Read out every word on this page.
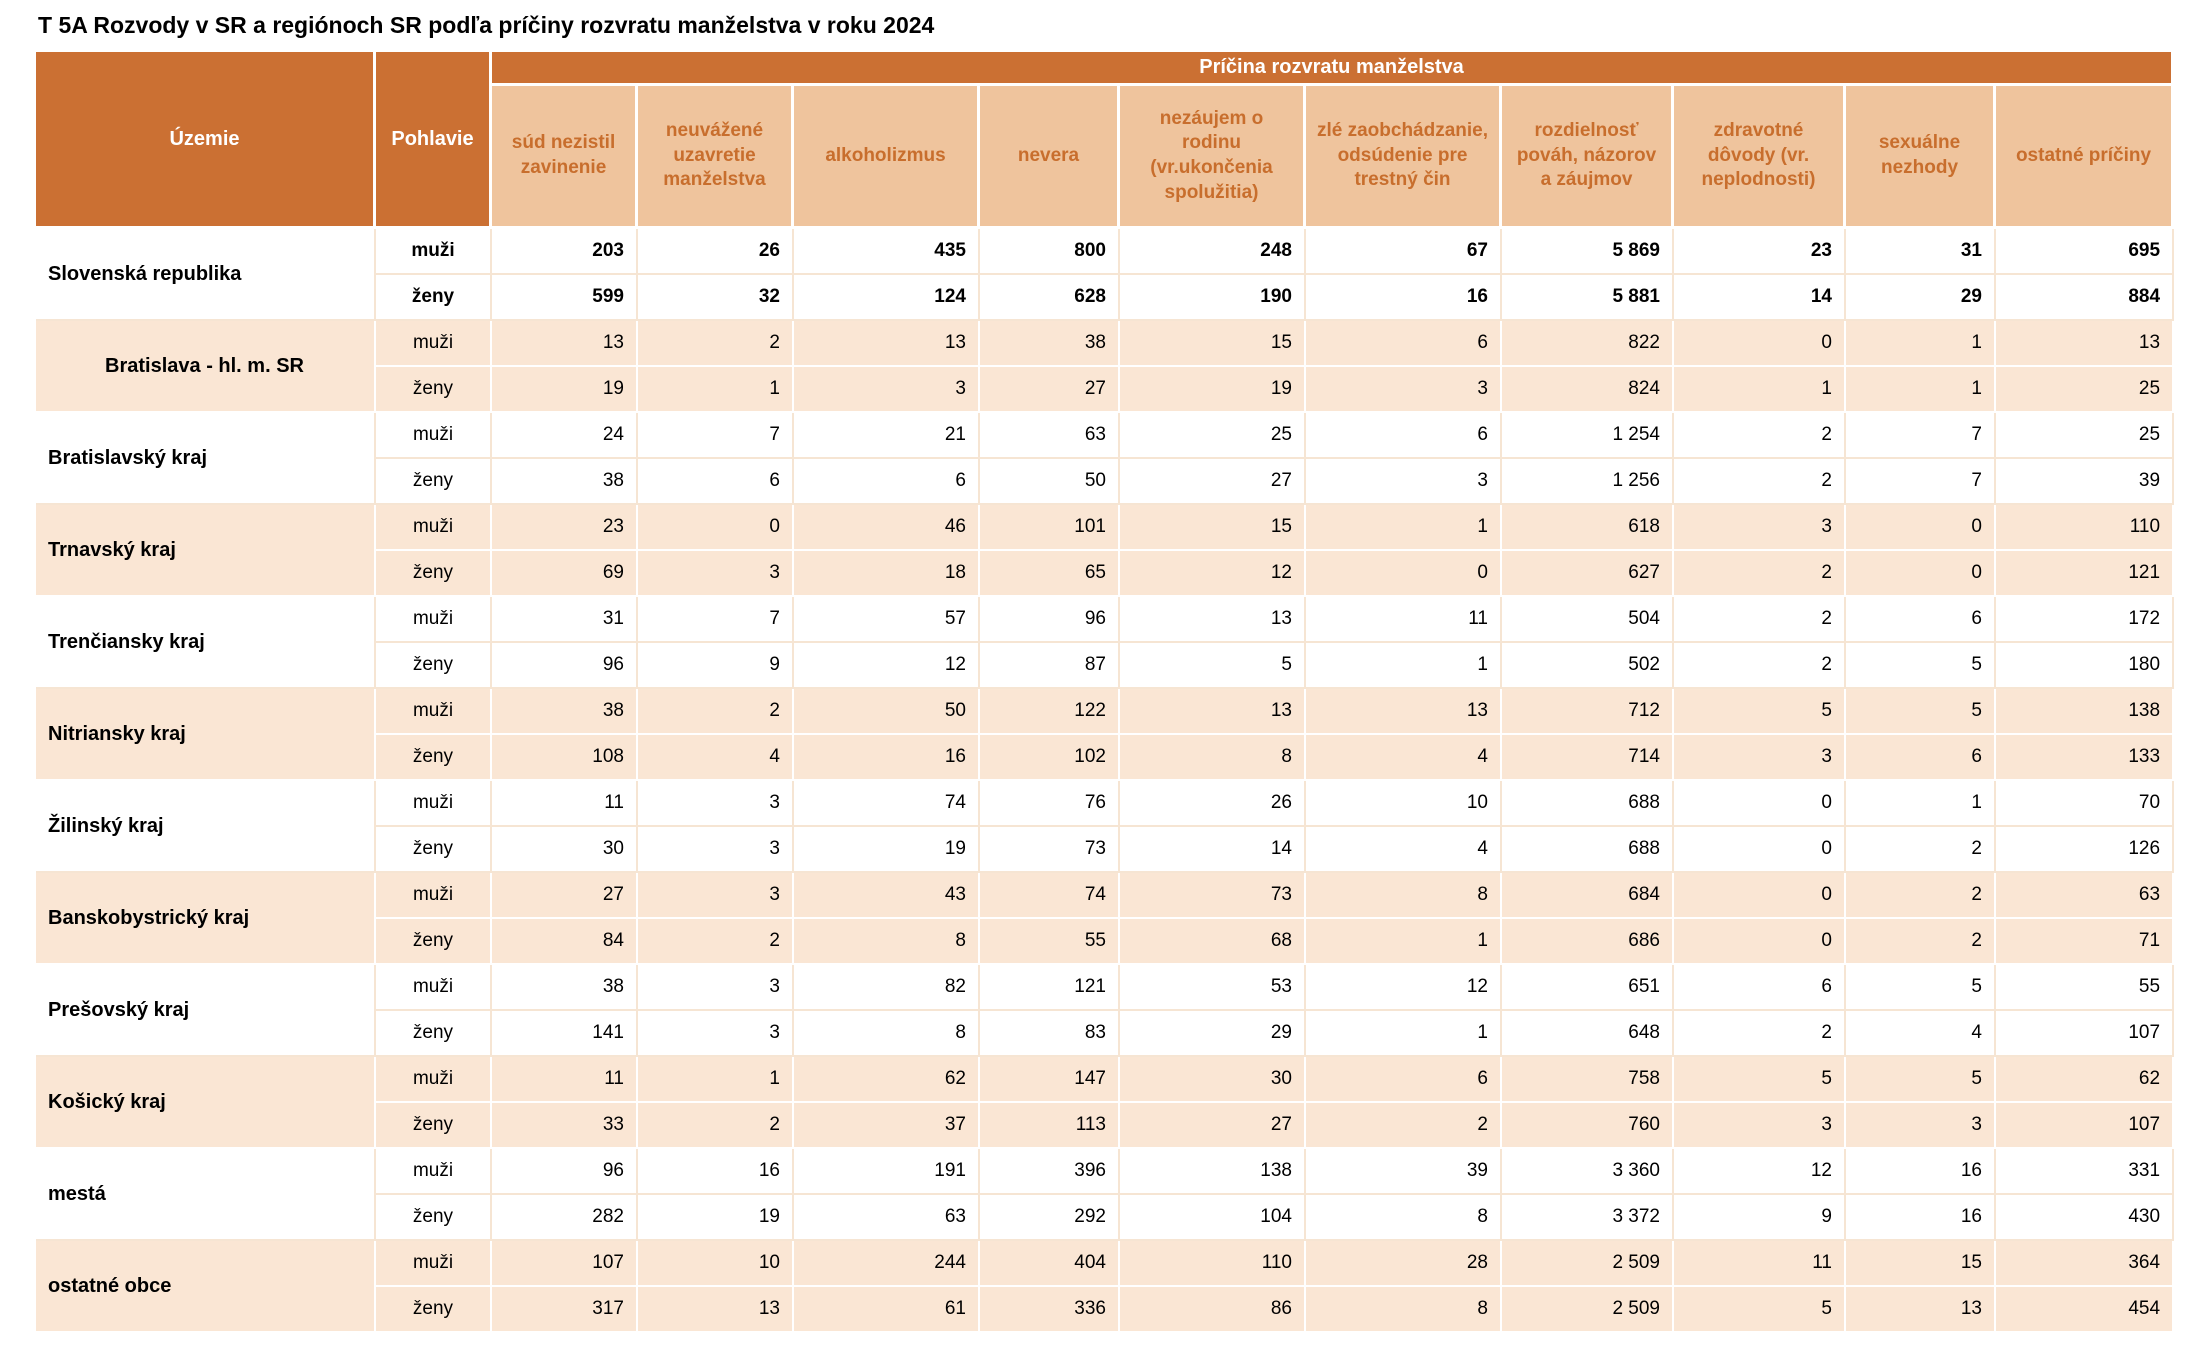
T 5A Rozvody v SR a regiónoch SR podľa príčiny rozvratu manželstva v roku 2024
Územie	Pohlavie	Príčina rozvratu manželstva									
		súd nezistil zavinenie	neuvážené uzavretie manželstva	alkoholizmus	nevera	nezáujem o rodinu (vr.ukončenia spolužitia)	zlé zaobchádzanie, odsúdenie pre trestný čin	rozdielnosť pováh, názorov a záujmov	zdravotné dôvody (vr. neplodnosti)	sexuálne nezhody	ostatné príčiny
Slovenská republika	muži	203	26	435	800	248	67	5 869	23	31	695
	ženy	599	32	124	628	190	16	5 881	14	29	884
Bratislava - hl. m. SR	muži	13	2	13	38	15	6	822	0	1	13
	ženy	19	1	3	27	19	3	824	1	1	25
Bratislavský kraj	muži	24	7	21	63	25	6	1 254	2	7	25
	ženy	38	6	6	50	27	3	1 256	2	7	39
Trnavský kraj	muži	23	0	46	101	15	1	618	3	0	110
	ženy	69	3	18	65	12	0	627	2	0	121
Trenčiansky kraj	muži	31	7	57	96	13	11	504	2	6	172
	ženy	96	9	12	87	5	1	502	2	5	180
Nitriansky kraj	muži	38	2	50	122	13	13	712	5	5	138
	ženy	108	4	16	102	8	4	714	3	6	133
Žilinský kraj	muži	11	3	74	76	26	10	688	0	1	70
	ženy	30	3	19	73	14	4	688	0	2	126
Banskobystrický kraj	muži	27	3	43	74	73	8	684	0	2	63
	ženy	84	2	8	55	68	1	686	0	2	71
Prešovský kraj	muži	38	3	82	121	53	12	651	6	5	55
	ženy	141	3	8	83	29	1	648	2	4	107
Košický kraj	muži	11	1	62	147	30	6	758	5	5	62
	ženy	33	2	37	113	27	2	760	3	3	107
mestá	muži	96	16	191	396	138	39	3 360	12	16	331
	ženy	282	19	63	292	104	8	3 372	9	16	430
ostatné obce	muži	107	10	244	404	110	28	2 509	11	15	364
	ženy	317	13	61	336	86	8	2 509	5	13	454
